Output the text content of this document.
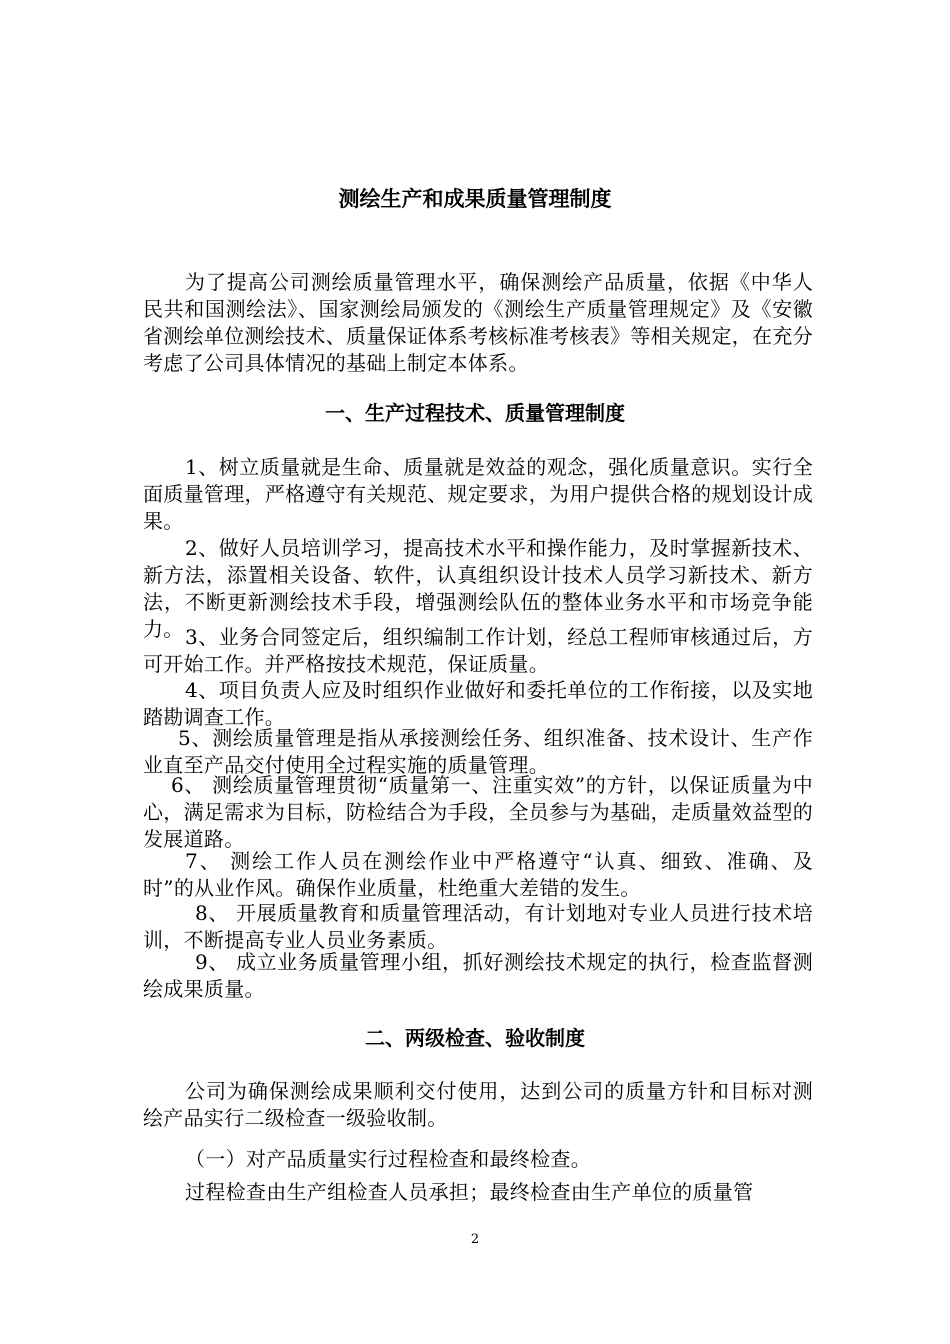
测绘生产和成果质量管理制度
为了提高公司测绘质量管理水平，确保测绘产品质量，依据《中华人民共和国测绘法》、国家测绘局颁发的《测绘生产质量管理规定》及《安徽省测绘单位测绘技术、质量保证体系考核标准考核表》等相关规定，在充分考虑了公司具体情况的基础上制定本体系。
一、生产过程技术、质量管理制度
1、树立质量就是生命、质量就是效益的观念，强化质量意识。实行全面质量管理，严格遵守有关规范、规定要求，为用户提供合格的规划设计成果。
2、做好人员培训学习，提高技术水平和操作能力，及时掌握新技术、新方法，添置相关设备、软件，认真组织设计技术人员学习新技术、新方法，不断更新测绘技术手段，增强测绘队伍的整体业务水平和市场竞争能力。 3、业务合同签定后，组织编制工作计划，经总工程师审核通过后，方可开始工作。并严格按技术规范，保证质量。
4、项目负责人应及时组织作业做好和委托单位的工作衔接，以及实地踏勘调查工作。
5、测绘质量管理是指从承接测绘任务、组织准备、技术设计、生产作业直至产品交付使用全过程实施的质量管理。
6、 测绘质量管理贯彻“质量第一、注重实效”的方针，以保证质量为中心，满足需求为目标，防检结合为手段，全员参与为基础，走质量效益型的发展道路。
7、 测绘工作人员在测绘作业中严格遵守“认真、细致、准确、及时”的从业作风。确保作业质量，杜绝重大差错的发生。
8、 开展质量教育和质量管理活动，有计划地对专业人员进行技术培训，不断提高专业人员业务素质。
9、 成立业务质量管理小组，抓好测绘技术规定的执行，检查监督测绘成果质量。
二、两级检查、验收制度
公司为确保测绘成果顺利交付使用，达到公司的质量方针和目标对测绘产品实行二级检查一级验收制。
（一）对产品质量实行过程检查和最终检查。
过程检查由生产组检查人员承担；最终检查由生产单位的质量管
2
